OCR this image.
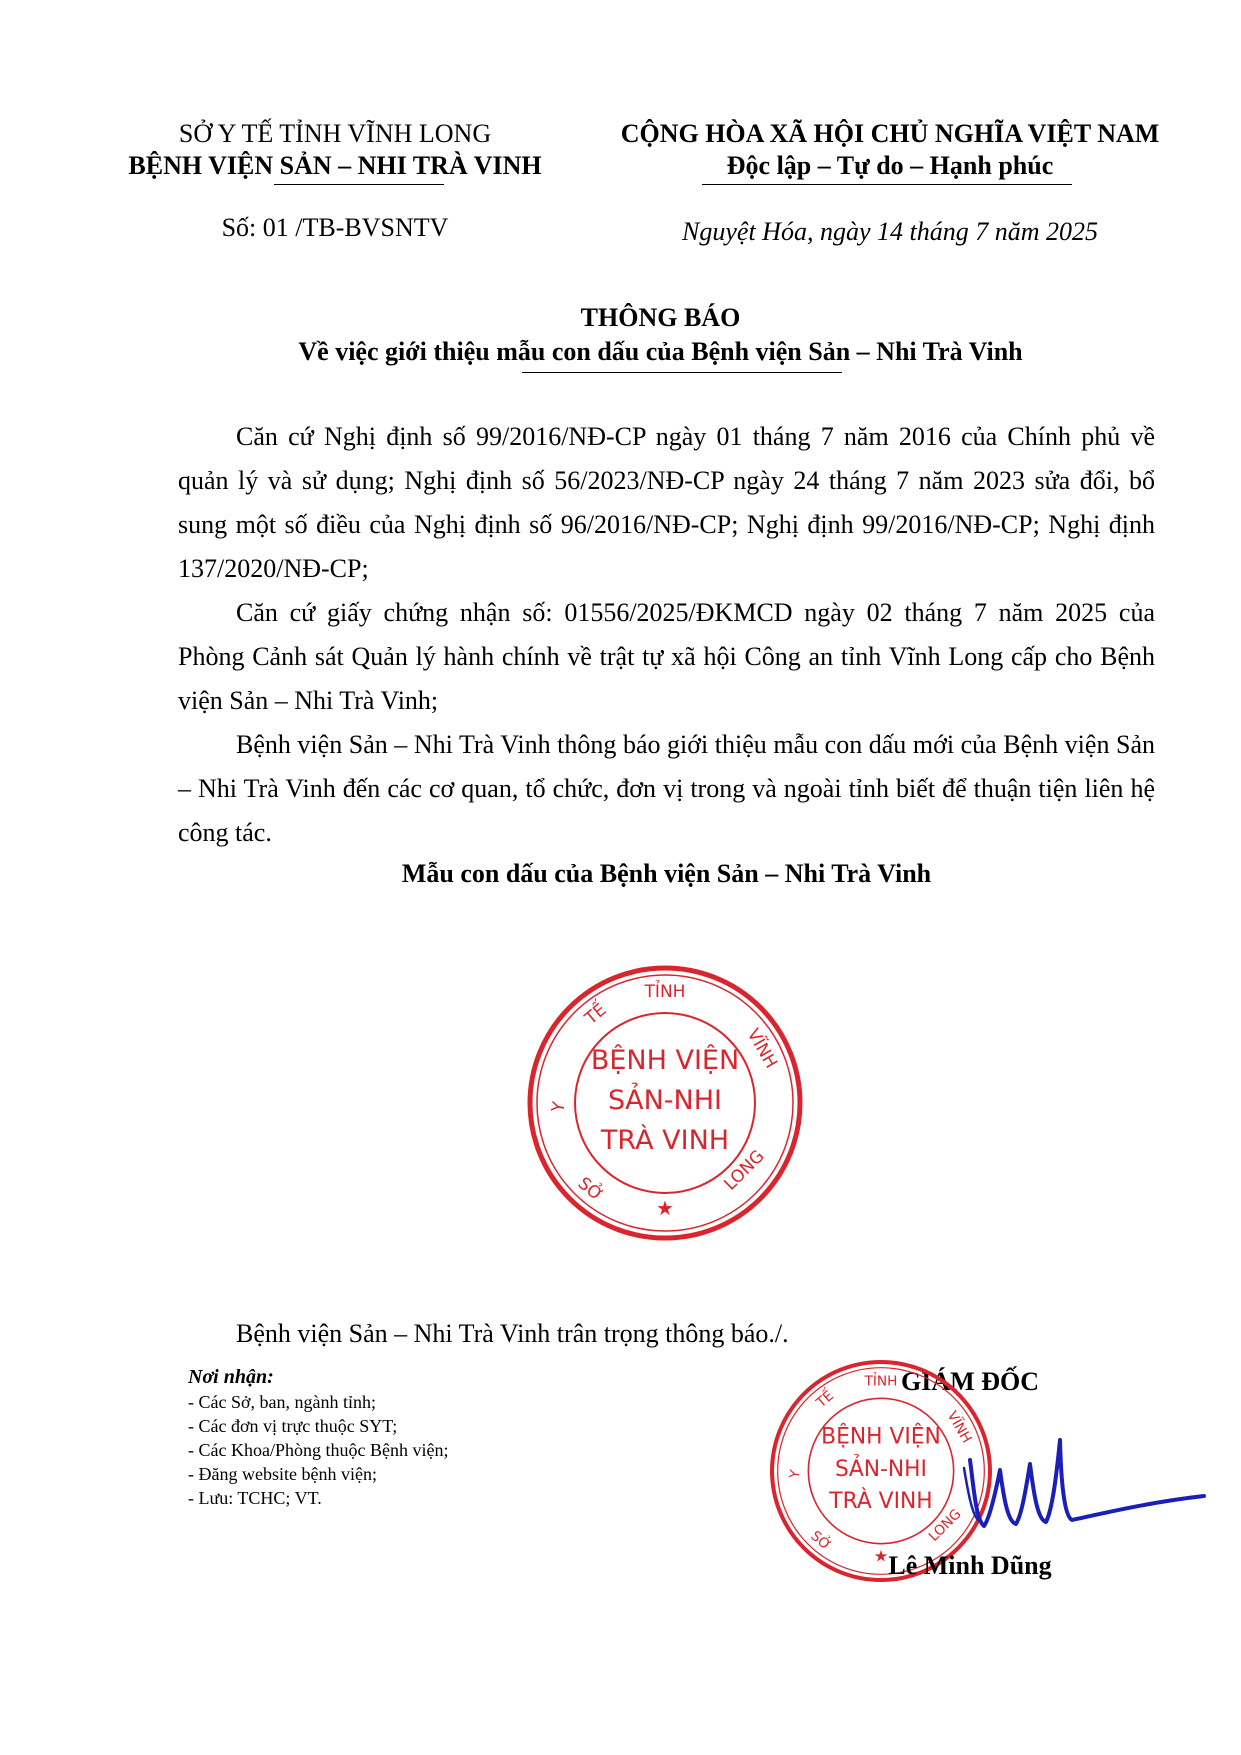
SỞ Y TẾ TỈNH VĨNH LONG
BỆNH VIỆN SẢN – NHI TRÀ VINH
Số: 01 /TB-BVSNTV
CỘNG HÒA XÃ HỘI CHỦ NGHĨA VIỆT NAM
Độc lập – Tự do – Hạnh phúc
Nguyệt Hóa, ngày 14 tháng 7 năm 2025
THÔNG BÁO
Về việc giới thiệu mẫu con dấu của Bệnh viện Sản – Nhi Trà Vinh

Căn cứ Nghị định số 99/2016/NĐ-CP ngày 01 tháng 7 năm 2016 của Chính phủ về quản lý và sử dụng; Nghị định số 56/2023/NĐ-CP ngày 24 tháng 7 năm 2023 sửa đổi, bổ sung một số điều của Nghị định số 96/2016/NĐ-CP; Nghị định 99/2016/NĐ-CP; Nghị định 137/2020/NĐ-CP;

Căn cứ giấy chứng nhận số: 01556/2025/ĐKMCD ngày 02 tháng 7 năm 2025 của Phòng Cảnh sát Quản lý hành chính về trật tự xã hội Công an tỉnh Vĩnh Long cấp cho Bệnh viện Sản – Nhi Trà Vinh;

Bệnh viện Sản – Nhi Trà Vinh thông báo giới thiệu mẫu con dấu mới của Bệnh viện Sản – Nhi Trà Vinh đến các cơ quan, tổ chức, đơn vị trong và ngoài tỉnh biết để thuận tiện liên hệ công tác.

Mẫu con dấu của Bệnh viện Sản – Nhi Trà Vinh
BỆNH VIỆN
SẢN-NHI
TRÀ VINH
TỈNH
TẾ
Y
SỞ
VĨNH
LONG
★
Bệnh viện Sản – Nhi Trà Vinh trân trọng thông báo./.
Nơi nhận:
- Các Sở, ban, ngành tỉnh;
- Các đơn vị trực thuộc SYT;
- Các Khoa/Phòng thuộc Bệnh viện;
- Đăng website bệnh viện;
- Lưu: TCHC; VT.
GIÁM ĐỐC
BỆNH VIỆN
SẢN-NHI
TRÀ VINH
TỈNH
TẾ
Y
SỞ
VĨNH
LONG
★ Lê Minh Dũng
